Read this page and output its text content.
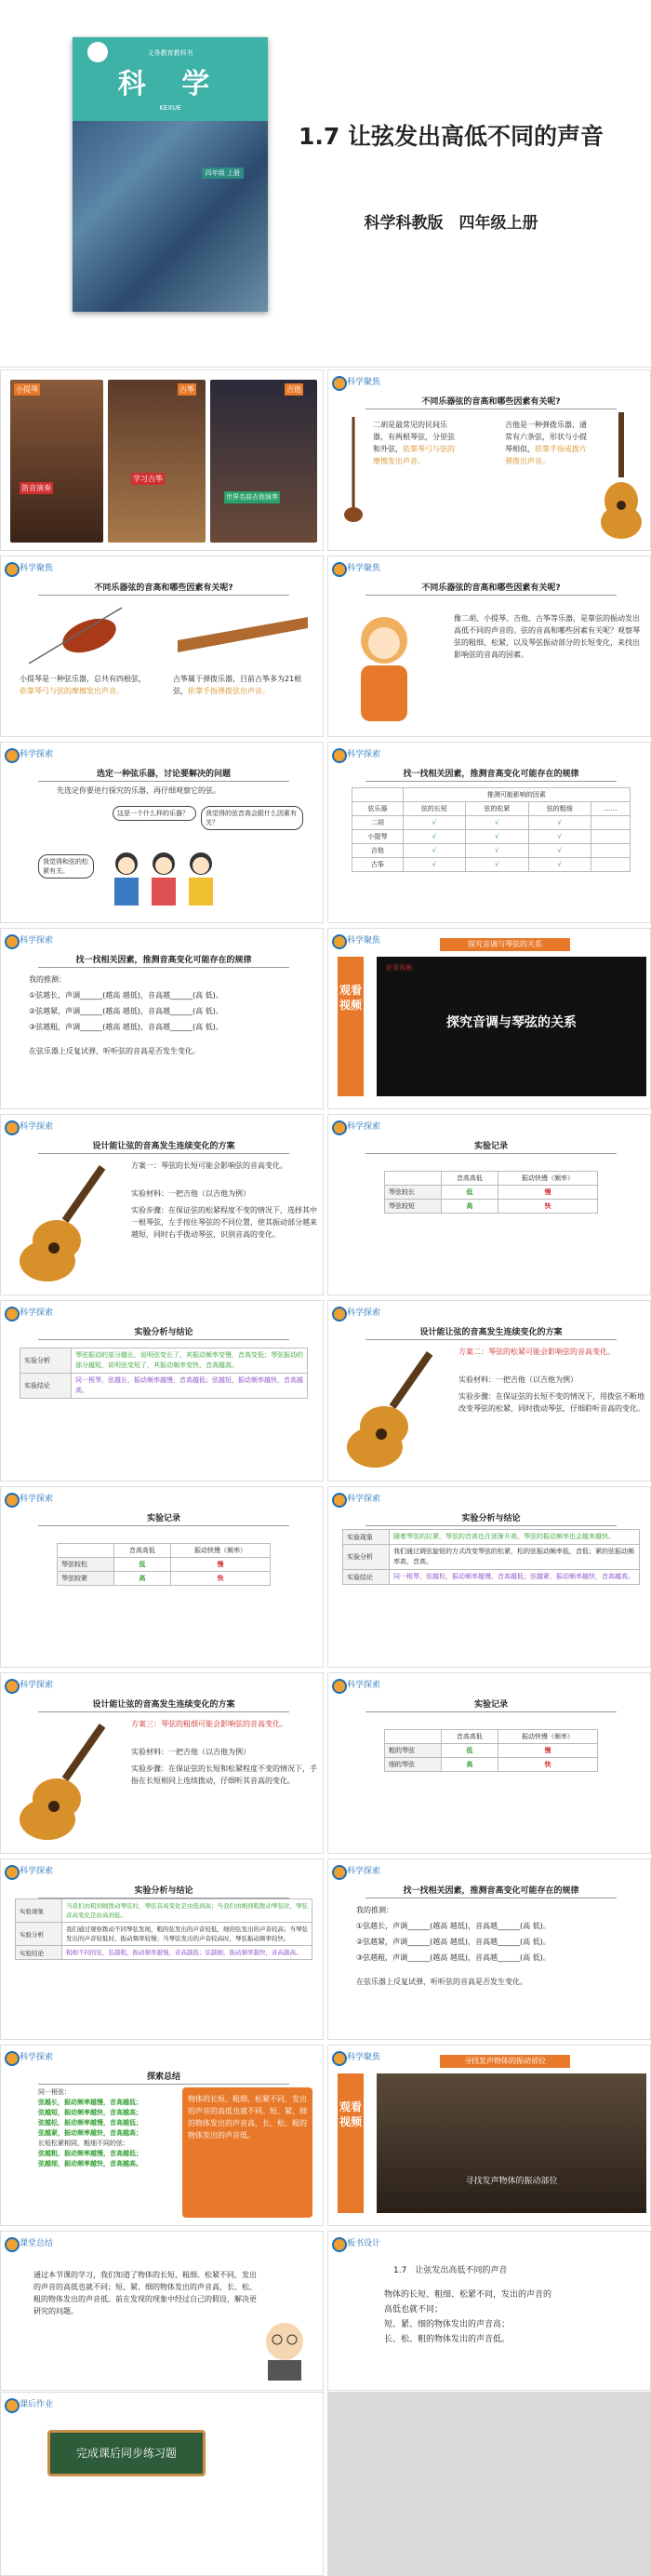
义务教育教科书
科 学
KEXUE
四年级 上册
1.7 让弦发出高低不同的声音
科学科教版　四年级上册
小提琴
笛音演奏
古筝
学习古筝
吉他
世界名曲吉他演奏
科学聚焦
不同乐器弦的音高和哪些因素有关呢?
二胡是最常见的民间乐器，有两根琴弦，分里弦和外弦，依靠琴弓与弦的摩擦发出声音。
吉他是一种弹拨乐器，通常有六条弦，形状与小提琴相似，依靠手指或拨片弹拨出声音。
科学聚焦
不同乐器弦的音高和哪些因素有关呢?
小提琴是一种弦乐器，总共有四根弦，依靠琴弓与弦的摩擦发出声音。
古筝属于弹拨乐器，目前古筝多为21根弦，依靠手指弹拨弦出声音。
科学聚焦
不同乐器弦的音高和哪些因素有关呢?
像二胡、小提琴、吉他、古筝等乐器，是靠弦的振动发出高低不同的声音的。弦的音高和哪些因素有关呢？观察琴弦的粗细、松紧，以及琴弦振动部分的长短变化，来找出影响弦的音高的因素。
科学探索
选定一种弦乐器，讨论要解决的问题
先选定你要进行探究的乐器，再仔细观察它的弦。
这是一个什么样的乐器？	我觉得的弦音高会跟什么因素有关？
我觉得和弦的松紧有关。
科学探索
找一找相关因素，推测音高变化可能存在的规律
	推测可能影响的因素			
弦乐器	弦的长短	弦的松紧	弦的粗细	……
二胡	√	√	√	
小提琴	√	√	√	
吉他	√	√	√	
古筝	√	√	√	
科学探索
找一找相关因素，推测音高变化可能存在的规律
我的推测：
①弦越长，声调______(越高 越低)，音高越______(高 低)。
②弦越紧，声调______(越高 越低)，音高越______(高 低)。
③弦越粗，声调______(越高 越低)，音高越______(高 低)。
在弦乐器上反复试弹，听听弦的音高是否发生变化。
科学聚焦	探究音调与琴弦的关系
观看视频
好看视频
探究音调与琴弦的关系
科学探索
设计能让弦的音高发生连续变化的方案
方案一：琴弦的长短可能会影响弦的音高变化。
实验材料：一把吉他（以吉他为例）
实验步骤：在保证弦的松紧程度不变的情况下，选择其中一根琴弦，左手按住琴弦的不同位置，使其振动部分越来越短，同时右手拨动琴弦，识别音高的变化。
科学探索
实验记录
	音高高低	振动快慢（频率）
琴弦较长	低	慢
琴弦较短	高	快
科学探索
实验分析与结论
实验分析	琴弦振动的部分越长，说明弦变长了，其振动频率变慢，音高变低；琴弦振动的部分越短，说明弦变短了，其振动频率变快，音高越高。
实验结论	同一根琴，弦越长，振动频率越慢，音高越低；弦越短，振动频率越快，音高越高。
科学探索
设计能让弦的音高发生连续变化的方案
方案二：琴弦的松紧可能会影响弦的音高变化。
实验材料：一把吉他（以吉他为例）
实验步骤：在保证弦的长短不变的情况下，用拨弦不断地改变琴弦的松紧，同时拨动琴弦，仔细聆听音高的变化。
科学探索
实验记录
	音高高低	振动快慢（频率）
琴弦较松	低	慢
琴弦较紧	高	快
科学探索
实验分析与结论
实验现象	随着琴弦的拉紧，琴弦的音高也在逐渐升高，琴弦的振动频率也会越来越快。
实验分析	我们通过调弦旋钮的方式改变琴弦的松紧，松的弦振动频率低，音低；紧的弦振动频率高，音高。
实验结论	同一根琴，弦越松，振动频率越慢，音高越低；弦越紧，振动频率越快，音高越高。
科学探索
设计能让弦的音高发生连续变化的方案
方案三：琴弦的粗细可能会影响弦的音高变化。
实验材料：一把吉他（以吉他为例）
实验步骤：在保证弦的长短和松紧程度不变的情况下，手指在长短相同上连续拨动，仔细听其音高的变化。
科学探索
实验记录
	音高高低	振动快慢（频率）
粗的琴弦	低	慢
细的琴弦	高	快
科学探索
实验分析与结论
实验现象	当我们由粗到细拨动琴弦时，琴弦音高变化是由低到高；当我们由细到粗拨动琴弦时，琴弦音高变化是由高到低。
实验分析	我们通过观察拨动不同琴弦发现，粗的弦发出的声音较低，细的弦发出的声音较高；当琴弦发出的声音较低时，振动频率较慢；当琴弦发出的声音较高时，琴弦振动频率较快。
实验结论	粗细不同的弦，弦越粗，振动频率越慢，音高越低；弦越细，振动频率越快，音高越高。
科学探索
找一找相关因素，推测音高变化可能存在的规律
我的推测：
①弦越长，声调______(越高 越低)，音高越______(高 低)。
②弦越紧，声调______(越高 越低)，音高越______(高 低)。
③弦越粗，声调______(越高 越低)，音高越______(高 低)。
在弦乐器上反复试弹，听听弦的音高是否发生变化。
科学探索
探索总结
同一根弦：
弦越长，振动频率越慢，音高越低；
弦越短，振动频率越快，音高越高；
弦越松，振动频率越慢，音高越低；
弦越紧，振动频率越快，音高越高；
长短松紧相同，粗细不同的弦：
弦越粗，振动频率越慢，音高越低；
弦越细，振动频率越快，音高越高。
物体的长短、粗细、松紧不同，发出的声音的高低也就不同。短、紧、细的物体发出的声音高，长、松、粗的物体发出的声音低。
科学聚焦	寻找发声物体的振动部位
观看视频
寻找发声物体的振动部位
课堂总结
通过本节课的学习，我们知道了物体的长短、粗细、松紧不同，发出的声音的高低也就不同；短、紧、细的物体发出的声音高，长、松、粗的物体发出的声音低。前在发现的现象中经过自己的假设，解决更研究的问题。
板书设计
1.7　让弦发出高低不同的声音
物体的长短、粗细、松紧不同，发出的声音的
高低也就不同；
短、紧、细的物体发出的声音高；
长、松、粗的物体发出的声音低。
课后作业
完成课后同步练习题
